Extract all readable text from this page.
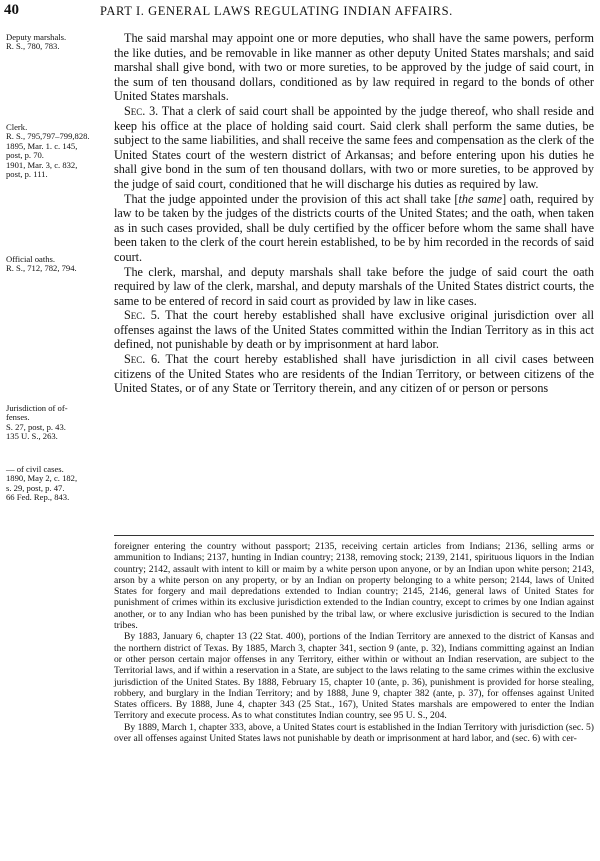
40	PART I. GENERAL LAWS REGULATING INDIAN AFFAIRS.
Deputy marshals.
R. S., 780, 783.
Clerk.
R. S., 795,797–799,828.
1895, Mar. 1. c. 145,
post, p. 70.
1901, Mar. 3, c. 832,
post, p. 111.
Official oaths.
R. S., 712, 782, 794.
Jurisdiction of of-
fenses.
S. 27, post, p. 43.
135 U. S., 263.
— of civil cases.
1890, May 2, c. 182,
s. 29, post, p. 47.
66 Fed. Rep., 843.

The said marshal may appoint one or more deputies, who shall have the same powers, perform the like duties, and be removable in like manner as other deputy United States marshals; and said marshal shall give bond, with two or more sureties, to be approved by the judge of said court, in the sum of ten thousand dollars, conditioned as by law required in regard to the bonds of other United States marshals.

Sec. 3. That a clerk of said court shall be appointed by the judge thereof, who shall reside and keep his office at the place of holding said court. Said clerk shall perform the same duties, be subject to the same liabilities, and shall receive the same fees and compensation as the clerk of the United States court of the western district of Arkansas; and before entering upon his duties he shall give bond in the sum of ten thousand dollars, with two or more sureties, to be approved by the judge of said court, conditioned that he will discharge his duties as required by law.

That the judge appointed under the provision of this act shall take [the same] oath, required by law to be taken by the judges of the districts courts of the United States; and the oath, when taken as in such cases provided, shall be duly certified by the officer before whom the same shall have been taken to the clerk of the court herein established, to be by him recorded in the records of said court.

The clerk, marshal, and deputy marshals shall take before the judge of said court the oath required by law of the clerk, marshal, and deputy marshals of the United States district courts, the same to be entered of record in said court as provided by law in like cases.

Sec. 5. That the court hereby established shall have exclusive original jurisdiction over all offenses against the laws of the United States committed within the Indian Territory as in this act defined, not punishable by death or by imprisonment at hard labor.

Sec. 6. That the court hereby established shall have jurisdiction in all civil cases between citizens of the United States who are residents of the Indian Territory, or between citizens of the United States, or of any State or Territory therein, and any citizen of or person or persons

foreigner entering the country without passport; 2135, receiving certain articles from Indians; 2136, selling arms or ammunition to Indians; 2137, hunting in Indian country; 2138, removing stock; 2139, 2141, spirituous liquors in the Indian country; 2142, assault with intent to kill or maim by a white person upon anyone, or by an Indian upon white person; 2143, arson by a white person on any property, or by an Indian on property belonging to a white person; 2144, laws of United States for forgery and mail depredations extended to Indian country; 2145, 2146, general laws of United States for punishment of crimes within its exclusive jurisdiction extended to the Indian country, except to crimes by one Indian against another, or to any Indian who has been punished by the tribal law, or where exclusive jurisdiction is secured to the Indian tribes.

By 1883, January 6, chapter 13 (22 Stat. 400), portions of the Indian Territory are annexed to the district of Kansas and the northern district of Texas. By 1885, March 3, chapter 341, section 9 (ante, p. 32), Indians committing against an Indian or other person certain major offenses in any Territory, either within or without an Indian reservation, are subject to the Territorial laws, and if within a reservation in a State, are subject to the laws relating to the same crimes within the exclusive jurisdiction of the United States. By 1888, February 15, chapter 10 (ante, p. 36), punishment is provided for horse stealing, robbery, and burglary in the Indian Territory; and by 1888, June 9, chapter 382 (ante, p. 37), for offenses against United States officers. By 1888, June 4, chapter 343 (25 Stat., 167), United States marshals are empowered to enter the Indian Territory and execute process. As to what constitutes Indian country, see 95 U. S., 204.

By 1889, March 1, chapter 333, above, a United States court is established in the Indian Territory with jurisdiction (sec. 5) over all offenses against United States laws not punishable by death or imprisonment at hard labor, and (sec. 6) with cer-
